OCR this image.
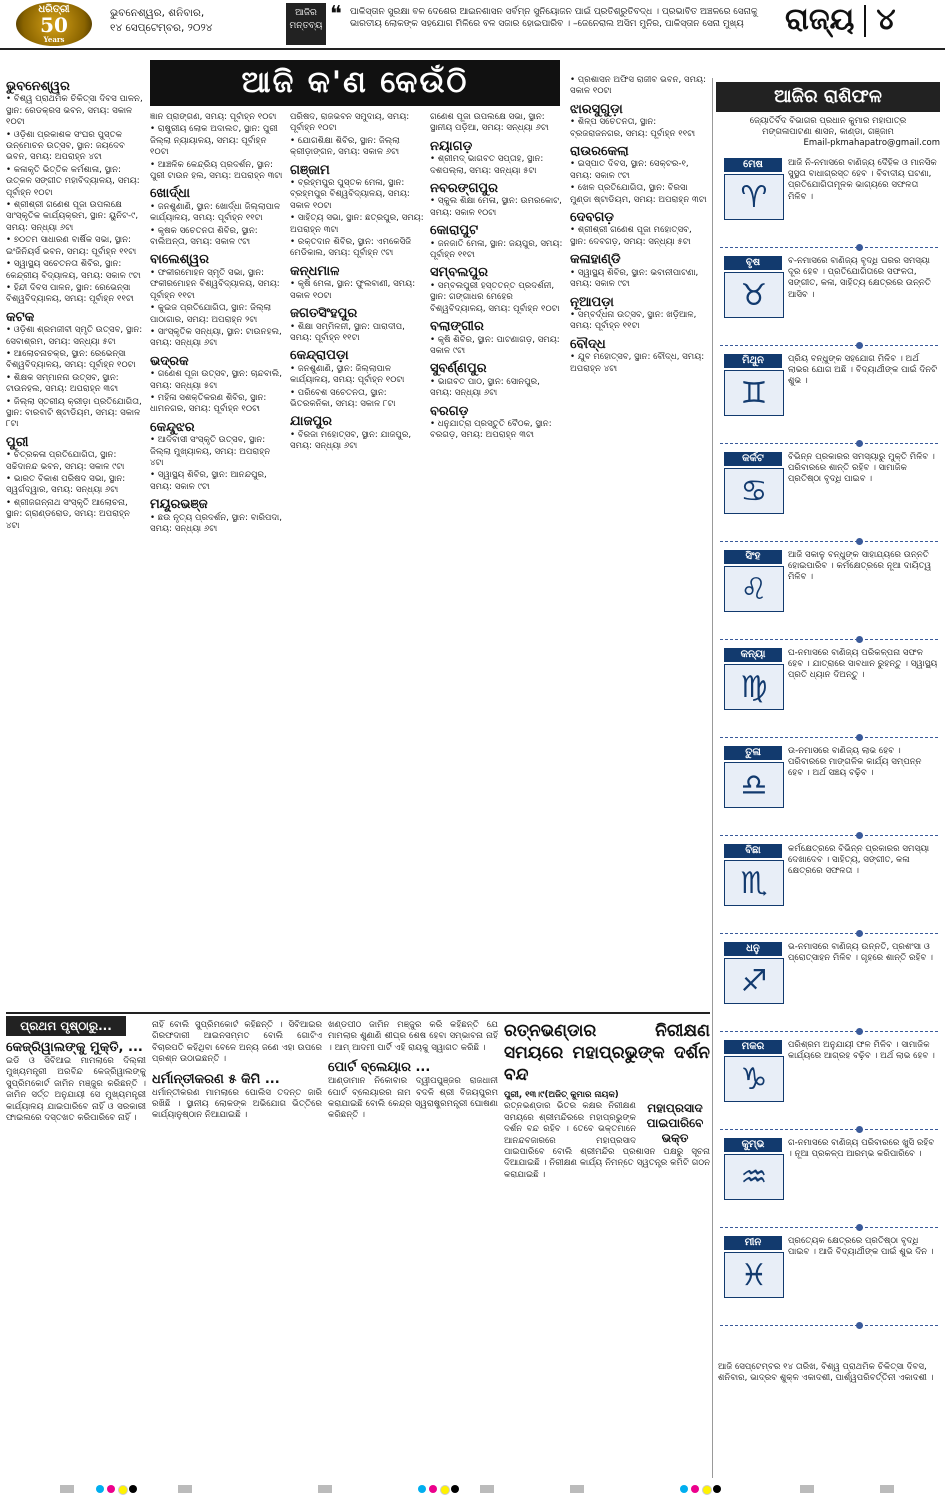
ଧରିତ୍ରୀ
50
Years
ଭୁବନେଶ୍ୱର, ଶନିବାର,
୧୪ ସେପ୍ଟେମ୍ବର, ୨୦୨୪
ଆଜିର
ମନ୍ତବ୍ୟ ❝ ପାକିସ୍ତାନ ସୁରକ୍ଷା ବଳ ଦେଶେର ଆଇନଶାସନ ସର୍ବମ୍ନ ସୁନିୟୋଜନ ପାଇଁ ପ୍ରତିଶ୍ରୁତିବଦ୍ଧ । ପ୍ରଭାବିତ ଅଞ୍ଚଳରେ ସେନାକୁ ଭାରତୀୟ ଲୋକଙ୍କ ସହଯୋଗ ମିଳିରେ ବଳ ସଜାର ହୋଇପାରିବ । –ଜେନେରାଲ ଅସିମ ମୁନିର, ପାକିସ୍ତାନ ସେନା ମୁଖ୍ୟ	ରାଜ୍ୟ ୪
ଆଜି କ'ଣ କେଉଁଠି
ଭୁବନେଶ୍ୱର

• ବିଶ୍ୱ ପ୍ରାଥମିକ ଚିକିତ୍ସା ଦିବସ ପାଳନ, ସ୍ଥାନ: ରେଡକ୍ରସ ଭବନ, ସମୟ: ସକାଳ ୧୦ଟା

• ଓଡ଼ିଶା ପ୍ରକାଶକ ସଂଘର ପୁସ୍ତକ ଉନ୍ମୋଚନ ଉତ୍ସବ, ସ୍ଥାନ: ଜୟଦେବ ଭବନ, ସମୟ: ଅପରାହ୍ନ ୪ଟା

• କଳାକୃତି ଭିତ୍ତିକ କର୍ମଶାଳା, ସ୍ଥାନ: ଉତ୍କଳ ସଙ୍ଗୀତ ମହାବିଦ୍ୟାଳୟ, ସମୟ: ପୂର୍ବାହ୍ନ ୧୦ଟା

• ଶ୍ରୀଶ୍ରୀ ଗଣେଶ ପୂଜା ଉପଲକ୍ଷେ ସାଂସ୍କୃତିକ କାର୍ଯ୍ୟକ୍ରମ, ସ୍ଥାନ: ୟୁନିଟ-୯, ସମୟ: ସନ୍ଧ୍ୟା ୬ଟା

• ୭୦ତମ ସାଧାରଣ ବାର୍ଷିକ ସଭା, ସ୍ଥାନ: ଇଂଜିନିୟର୍ସ ଭବନ, ସମୟ: ପୂର୍ବାହ୍ନ ୧୧ଟା

• ସ୍ୱାସ୍ଥ୍ୟ ସଚେତନତା ଶିବିର, ସ୍ଥାନ: କେନ୍ଦ୍ରୀୟ ବିଦ୍ୟାଳୟ, ସମୟ: ସକାଳ ୯ଟା

• ହିନ୍ଦୀ ଦିବସ ପାଳନ, ସ୍ଥାନ: ରେଭେନ୍ସା ବିଶ୍ୱବିଦ୍ୟାଳୟ, ସମୟ: ପୂର୍ବାହ୍ନ ୧୧ଟା

କଟକ

• ଓଡ଼ିଶା ଶ୍ରମଜୀବୀ ସ୍ମୃତି ଉତ୍ସବ, ସ୍ଥାନ: ସେବାଶ୍ରମ, ସମୟ: ସନ୍ଧ୍ୟା ୫ଟା

• ଆଲୋଚନାଚକ୍ର, ସ୍ଥାନ: ରେଭେନ୍ସା ବିଶ୍ୱବିଦ୍ୟାଳୟ, ସମୟ: ପୂର୍ବାହ୍ନ ୧୦ଟା

• ଶିକ୍ଷକ ସମ୍ମାନନା ଉତ୍ସବ, ସ୍ଥାନ: ଟାଉନହଲ, ସମୟ: ଅପରାହ୍ନ ୩ଟା

• ଜିଲ୍ଲା ସ୍ତରୀୟ କ୍ରୀଡ଼ା ପ୍ରତିଯୋଗିତା, ସ୍ଥାନ: ବାରବାଟି ଷ୍ଟାଡିୟମ, ସମୟ: ସକାଳ ୮ଟା

ପୁରୀ

• ଚିତ୍ରକଳା ପ୍ରତିଯୋଗିତା, ସ୍ଥାନ: ସଚ୍ଚିଦାନନ୍ଦ ଭବନ, ସମୟ: ସକାଳ ୯ଟା

• ଭାରତ ବିକାଶ ପରିଷଦ ସଭା, ସ୍ଥାନ: ସ୍ୱର୍ଗଦ୍ୱାର, ସମୟ: ସନ୍ଧ୍ୟା ୬ଟା

• ଶ୍ରୀଜଗନ୍ନାଥ ସଂସ୍କୃତି ଆଲୋଚନା, ସ୍ଥାନ: ଗ୍ରାଣ୍ଡରୋଡ, ସମୟ: ଅପରାହ୍ନ ୪ଟା

ଜ୍ଞାନ ପ୍ରାଙ୍ଗଣ, ସମୟ: ପୂର୍ବାହ୍ନ ୧୦ଟା

• ରାଷ୍ଟ୍ରୀୟ ଲୋକ ଅଦାଲତ, ସ୍ଥାନ: ପୁରୀ ଜିଲ୍ଲା ନ୍ୟାୟାଳୟ, ସମୟ: ପୂର୍ବାହ୍ନ ୧୦ଟା

• ଆଞ୍ଚଳିକ କେନ୍ଦ୍ରିୟ ପ୍ରଦର୍ଶନ, ସ୍ଥାନ: ପୁରୀ ଟାଉନ ହଲ, ସମୟ: ଅପରାହ୍ନ ୩ଟା

ଖୋର୍ଦ୍ଧା

• ଜନଶୁଣାଣି, ସ୍ଥାନ: ଖୋର୍ଦ୍ଧା ଜିଲ୍ଲାପାଳ କାର୍ଯ୍ୟାଳୟ, ସମୟ: ପୂର୍ବାହ୍ନ ୧୧ଟା

• କୃଷକ ସଚେତନତା ଶିବିର, ସ୍ଥାନ: ବାଲିଅନ୍ତା, ସମୟ: ସକାଳ ୯ଟା

ବାଲେଶ୍ୱର

• ଫକୀରମୋହନ ସ୍ମୃତି ସଭା, ସ୍ଥାନ: ଫକୀରମୋହନ ବିଶ୍ୱବିଦ୍ୟାଳୟ, ସମୟ: ପୂର୍ବାହ୍ନ ୧୧ଟା

• କୁଇଜ ପ୍ରତିଯୋଗିତା, ସ୍ଥାନ: ଜିଲ୍ଲା ପାଠାଗାର, ସମୟ: ଅପରାହ୍ନ ୨ଟା

• ସାଂସ୍କୃତିକ ସନ୍ଧ୍ୟା, ସ୍ଥାନ: ଟାଉନହଲ, ସମୟ: ସନ୍ଧ୍ୟା ୬ଟା

ଭଦ୍ରକ

• ଗଣେଶ ପୂଜା ଉତ୍ସବ, ସ୍ଥାନ: ଚାନ୍ଦବାଲି, ସମୟ: ସନ୍ଧ୍ୟା ୫ଟା

• ମହିଳା ସଶକ୍ତିକରଣ ଶିବିର, ସ୍ଥାନ: ଧାମନଗର, ସମୟ: ପୂର୍ବାହ୍ନ ୧୦ଟା

କେନ୍ଦୁଝର

• ଆଦିବାସୀ ସଂସ୍କୃତି ଉତ୍ସବ, ସ୍ଥାନ: ଜିଲ୍ଲା ମୁଖ୍ୟାଳୟ, ସମୟ: ଅପରାହ୍ନ ୪ଟା

• ସ୍ୱାସ୍ଥ୍ୟ ଶିବିର, ସ୍ଥାନ: ଆନନ୍ଦପୁର, ସମୟ: ସକାଳ ୯ଟା

ମୟୂରଭଞ୍ଜ

• ଛଉ ନୃତ୍ୟ ପ୍ରଦର୍ଶନ, ସ୍ଥାନ: ବାରିପଦା, ସମୟ: ସନ୍ଧ୍ୟା ୬ଟା

ପରିଷଦ, ରାଜଭବନ ସମୁଦାୟ, ସମୟ: ପୂର୍ବାହ୍ନ ୧୦ଟା

• ଯୋଗଶିକ୍ଷା ଶିବିର, ସ୍ଥାନ: ଜିଲ୍ଲା କ୍ରୀଡ଼ାଙ୍ଗନ, ସମୟ: ସକାଳ ୬ଟା

ଗଞ୍ଜାମ

• ବ୍ରହ୍ମପୁର ପୁସ୍ତକ ମେଳା, ସ୍ଥାନ: ବ୍ରହ୍ମପୁର ବିଶ୍ୱବିଦ୍ୟାଳୟ, ସମୟ: ସକାଳ ୧୦ଟା

• ସାହିତ୍ୟ ସଭା, ସ୍ଥାନ: ଛତ୍ରପୁର, ସମୟ: ଅପରାହ୍ନ ୩ଟା

• ରକ୍ତଦାନ ଶିବିର, ସ୍ଥାନ: ଏମକେସିଜି ମେଡିକାଲ, ସମୟ: ପୂର୍ବାହ୍ନ ୯ଟା

କନ୍ଧମାଳ

• କୃଷି ମେଳା, ସ୍ଥାନ: ଫୁଲବାଣୀ, ସମୟ: ସକାଳ ୧୦ଟା

ଜଗତସିଂହପୁର

• ଶିକ୍ଷା ସମ୍ମିଳନୀ, ସ୍ଥାନ: ପାରାଦୀପ, ସମୟ: ପୂର୍ବାହ୍ନ ୧୧ଟା

କେନ୍ଦ୍ରାପଡ଼ା

• ଜନଶୁଣାଣି, ସ୍ଥାନ: ଜିଲ୍ଲାପାଳ କାର୍ଯ୍ୟାଳୟ, ସମୟ: ପୂର୍ବାହ୍ନ ୧୦ଟା

• ପରିବେଶ ସଚେତନତା, ସ୍ଥାନ: ଭିତରକନିକା, ସମୟ: ସକାଳ ୮ଟା

ଯାଜପୁର

• ବିରଜା ମହୋତ୍ସବ, ସ୍ଥାନ: ଯାଜପୁର, ସମୟ: ସନ୍ଧ୍ୟା ୬ଟା

ଗଣେଶ ପୂଜା ଉପଲକ୍ଷେ ସଭା, ସ୍ଥାନ: ସ୍ଥାନୀୟ ପଡ଼ିଆ, ସମୟ: ସନ୍ଧ୍ୟା ୬ଟା

ନୟାଗଡ଼

• ଶ୍ରୀମଦ୍ ଭାଗବତ ସପ୍ତାହ, ସ୍ଥାନ: ଦଶପଲ୍ଲା, ସମୟ: ସନ୍ଧ୍ୟା ୫ଟା

ନବରଙ୍ଗପୁର

• ସ୍କୁଲ ଶିକ୍ଷା ମେଳା, ସ୍ଥାନ: ଉମରକୋଟ, ସମୟ: ସକାଳ ୧୦ଟା

କୋରାପୁଟ

• ଜନଜାତି ମେଳା, ସ୍ଥାନ: ଜୟପୁର, ସମୟ: ପୂର୍ବାହ୍ନ ୧୧ଟା

ସମ୍ବଲପୁର

• ସମ୍ବଲପୁରୀ ହସ୍ତତନ୍ତ ପ୍ରଦର୍ଶନୀ, ସ୍ଥାନ: ଗଙ୍ଗାଧର ମେହେର ବିଶ୍ୱବିଦ୍ୟାଳୟ, ସମୟ: ପୂର୍ବାହ୍ନ ୧୦ଟା

ବଲାଙ୍ଗୀର

• କୃଷି ଶିବିର, ସ୍ଥାନ: ପାଟଣାଗଡ଼, ସମୟ: ସକାଳ ୯ଟା

ସୁବର୍ଣ୍ଣପୁର

• ଭାଗବତ ପାଠ, ସ୍ଥାନ: ସୋନପୁର, ସମୟ: ସନ୍ଧ୍ୟା ୬ଟା

ବରଗଡ଼

• ଧନୁଯାତ୍ରା ପ୍ରସ୍ତୁତି ବୈଠକ, ସ୍ଥାନ: ବରଗଡ଼, ସମୟ: ଅପରାହ୍ନ ୩ଟା

• ପ୍ରଶାସନ ଅଫିସ ରାଜୀବ ଭବନ, ସମୟ: ସକାଳ ୧୦ଟା

ଝାରସୁଗୁଡ଼ା

• ଶିଳ୍ପ ସଚେତନତା, ସ୍ଥାନ: ବ୍ରଜରାଜନଗର, ସମୟ: ପୂର୍ବାହ୍ନ ୧୧ଟା

ରାଉରକେଲା

• ଇସ୍ପାତ ଦିବସ, ସ୍ଥାନ: ସେକ୍ଟର-୧, ସମୟ: ସକାଳ ୯ଟା

• ଖେଳ ପ୍ରତିଯୋଗିତା, ସ୍ଥାନ: ବିରସା ମୁଣ୍ଡା ଷ୍ଟାଡିୟମ, ସମୟ: ଅପରାହ୍ନ ୩ଟା

ଦେବଗଡ଼

• ଶ୍ରୀଶ୍ରୀ ଗଣେଶ ପୂଜା ମହୋତ୍ସବ, ସ୍ଥାନ: ଦେବଗଡ଼, ସମୟ: ସନ୍ଧ୍ୟା ୫ଟା

କଳାହାଣ୍ଡି

• ସ୍ୱାସ୍ଥ୍ୟ ଶିବିର, ସ୍ଥାନ: ଭବାନୀପାଟଣା, ସମୟ: ସକାଳ ୯ଟା

ନୂଆପଡ଼ା

• ସମ୍ବର୍ଦ୍ଧନା ଉତ୍ସବ, ସ୍ଥାନ: ଖଡ଼ିଆଳ, ସମୟ: ପୂର୍ବାହ୍ନ ୧୧ଟା

ବୌଦ୍ଧ

• ଯୁବ ମହୋତ୍ସବ, ସ୍ଥାନ: ବୌଦ୍ଧ, ସମୟ: ଅପରାହ୍ନ ୪ଟା

ଆଜିର ରାଶିଫଳ
ଜ୍ୟୋତିର୍ବିଦ ବିଭାଗର ପ୍ରଧାନ କୁମାର ମହାପାତ୍ର
ମଙ୍ଗଳାପାଟଣା ଶାସନ, କାଣ୍ଡା, ଗଞ୍ଜାମ
Email-pkmahapatro@gmail.com
ମେଷ
♈
ଆଜି ନି-ନମାସରେ ବାଣିଜ୍ୟ ଦୈହିକ ଓ ମାନସିକ ସୁସ୍ଥତା ବାଧାଗ୍ରସ୍ତ ହେବ । ବିବାଦୀୟ ଘଟଣା, ପ୍ରତିଯୋଗିତାମୂଳକ ଭାଗ୍ୟରେ ସଫଳତା ମିଳିବ ।
ବୃଷ
♉
ବ-ନମାସରେ ବାଣିଜ୍ୟ ବୃଦ୍ଧି ଘରର ସମସ୍ୟା ଦୂର ହେବ । ପ୍ରତିଯୋଗିତାରେ ସଫଳତା, ସଙ୍ଗୀତ, କଳା, ସାହିତ୍ୟ କ୍ଷେତ୍ରରେ ଉନ୍ନତି ଆସିବ ।
ମିଥୁନ
♊
ପ୍ରିୟ ବନ୍ଧୁଙ୍କ ସହଯୋଗ ମିଳିବ । ଅର୍ଥ ଲାଭର ଯୋଗ ଅଛି । ବିଦ୍ୟାର୍ଥୀଙ୍କ ପାଇଁ ଦିନଟି ଶୁଭ ।
କର୍କଟ
♋
ବିଭିନ୍ନ ପ୍ରକାରର ସମସ୍ୟାରୁ ମୁକ୍ତି ମିଳିବ । ପରିବାରରେ ଶାନ୍ତି ରହିବ । ସାମାଜିକ ପ୍ରତିଷ୍ଠା ବୃଦ୍ଧି ପାଇବ ।
ସିଂହ
♌
ଆଜି ସକାଳୁ ବନ୍ଧୁଙ୍କ ସାହାଯ୍ୟରେ ଉନ୍ନତି ହୋଇପାରିବ । କର୍ମକ୍ଷେତ୍ରରେ ନୂଆ ଦାୟିତ୍ୱ ମିଳିବ ।
କନ୍ୟା
♍
ଘ-ନମାସରେ ବାଣିଜ୍ୟ ପରିକଳ୍ପନା ସଫଳ ହେବ । ଯାତ୍ରାରେ ସାବଧାନ ରୁହନ୍ତୁ । ସ୍ୱାସ୍ଥ୍ୟ ପ୍ରତି ଧ୍ୟାନ ଦିଅନ୍ତୁ ।
ତୁଳା
♎
ଉ-ନମାସରେ ବାଣିଜ୍ୟ ଲାଭ ହେବ । ପରିବାରରେ ମାଙ୍ଗଳିକ କାର୍ଯ୍ୟ ସମ୍ପନ୍ନ ହେବ । ଅର୍ଥ ସଞ୍ଚୟ ବଢ଼ିବ ।
ବିଛା
♏
କର୍ମକ୍ଷେତ୍ରରେ ବିଭିନ୍ନ ପ୍ରକାରର ସମସ୍ୟା ଦେଖାଦେବ । ସାହିତ୍ୟ, ସଙ୍ଗୀତ, କଳା କ୍ଷେତ୍ରରେ ସଫଳତା ।
ଧନୁ
♐
ଭ-ନମାସରେ ବାଣିଜ୍ୟ ଉନ୍ନତି, ପ୍ରଶଂସା ଓ ପ୍ରୋତ୍ସାହନ ମିଳିବ । ଗୃହରେ ଶାନ୍ତି ରହିବ ।
ମକର
♑
ପରିଶ୍ରମ ଅନୁଯାୟୀ ଫଳ ମିଳିବ । ସାମାଜିକ କାର୍ଯ୍ୟରେ ଆଗ୍ରହ ବଢ଼ିବ । ଅର୍ଥ ଲାଭ ହେବ ।
କୁମ୍ଭ
♒
ଗ-ନମାସରେ ବାଣିଜ୍ୟ ପରିବାରରେ ଖୁସି ରହିବ । ନୂଆ ପ୍ରକଳ୍ପ ଆରମ୍ଭ କରିପାରିବେ ।
ମୀନ
♓
ପ୍ରତ୍ୟେକ କ୍ଷେତ୍ରରେ ପ୍ରତିଷ୍ଠା ବୃଦ୍ଧି ପାଇବ । ଆଜି ବିଦ୍ୟାର୍ଥୀଙ୍କ ପାଇଁ ଶୁଭ ଦିନ ।
ଆଜି ସେପ୍ଟେମ୍ବର ୧୪ ତାରିଖ, ବିଶ୍ୱ ପ୍ରାଥମିକ ଚିକିତ୍ସା ଦିବସ, ଶନିବାର, ଭାଦ୍ରବ ଶୁକ୍ଳ ଏକାଦଶୀ, ପାର୍ଶ୍ୱପରିବର୍ତ୍ତିନୀ ଏକାଦଶୀ ।
ପ୍ରଥମ ପୃଷ୍ଠାରୁ...
କେଜ୍ରିୱାଲଙ୍କୁ ମୁକ୍ତି, ...
ଇଡି ଓ ସିବିଆଇ ମାମଲାରେ ଦିଲ୍ଲୀ ମୁଖ୍ୟମନ୍ତ୍ରୀ ଅରବିନ୍ଦ କେଜ୍ରିୱାଲଙ୍କୁ ସୁପ୍ରିମକୋର୍ଟ ଜାମିନ ମଞ୍ଜୁର କରିଛନ୍ତି । ଜାମିନ ସର୍ତ୍ତ ଅନୁଯାୟୀ ସେ ମୁଖ୍ୟମନ୍ତ୍ରୀ କାର୍ଯ୍ୟାଳୟ ଯାଇପାରିବେ ନାହିଁ ଓ ସରକାରୀ ଫାଇଲରେ ଦସ୍ତଖତ କରିପାରିବେ ନାହିଁ ।
ନାହିଁ ବୋଲି ସୁପ୍ରିମକୋର୍ଟ କହିଛନ୍ତି । ସିବିଆଇର ଗିରଫଦାରୀ ଆଇନସମ୍ମତ ବୋଲି ଗୋଟିଏ ବିଚାରପତି କହିଥିବା ବେଳେ ଅନ୍ୟ ଜଣେ ଏହା ଉପରେ ପ୍ରଶ୍ନ ଉଠାଇଛନ୍ତି ।
ଧର୍ମାନ୍ତୀକରଣ ୫ କିମି ...
ଧର୍ମାନ୍ତୀକରଣ ମାମଲାରେ ପୋଲିସ ତଦନ୍ତ ଜାରି ରଖିଛି । ସ୍ଥାନୀୟ ଲୋକଙ୍କ ଅଭିଯୋଗ ଭିତ୍ତିରେ କାର୍ଯ୍ୟାନୁଷ୍ଠାନ ନିଆଯାଇଛି ।
ଖଣ୍ଡପୀଠ ଜାମିନ ମଞ୍ଜୁର କରି କହିଛନ୍ତି ଯେ ମାମଲାର ଶୁଣାଣି ଶୀଘ୍ର ଶେଷ ହେବା ସମ୍ଭାବନା ନାହିଁ । ଆମ୍ ଆଦମୀ ପାର୍ଟି ଏହି ରାୟକୁ ସ୍ୱାଗତ କରିଛି ।
ପୋର୍ଟ ବ୍ଲେୟାର ...
ଆଣ୍ଡାମାନ ନିକୋବାର ଦ୍ୱୀପପୁଞ୍ଜର ରାଜଧାନୀ ପୋର୍ଟ ବ୍ଲେୟାରର ନାମ ବଦଳି ଶ୍ରୀ ବିଜୟପୁରମ କରାଯାଇଛି ବୋଲି କେନ୍ଦ୍ର ସ୍ୱରାଷ୍ଟ୍ରମନ୍ତ୍ରୀ ଘୋଷଣା କରିଛନ୍ତି ।
ରତ୍ନଭଣ୍ଡାର ନିରୀକ୍ଷଣ ସମୟରେ ମହାପ୍ରଭୁଙ୍କ ଦର୍ଶନ ବନ୍ଦ
ପୁରୀ, ୧୩।୯(ଅଜିତ୍ କୁମାର ନାୟକ)
ମହାପ୍ରସାଦ ପାଇପାରିବେ ଭକ୍ତ
ରତ୍ନଭଣ୍ଡାର ଭିତର କକ୍ଷର ନିରୀକ୍ଷଣ ସମୟରେ ଶ୍ରୀମନ୍ଦିରରେ ମହାପ୍ରଭୁଙ୍କ ଦର୍ଶନ ବନ୍ଦ ରହିବ । ତେବେ ଭକ୍ତମାନେ ଆନନ୍ଦବଜାରରେ ମହାପ୍ରସାଦ ପାଇପାରିବେ ବୋଲି ଶ୍ରୀମନ୍ଦିର ପ୍ରଶାସନ ପକ୍ଷରୁ ସୂଚନା ଦିଆଯାଇଛି । ନିରୀକ୍ଷଣ କାର୍ଯ୍ୟ ନିମନ୍ତେ ସ୍ୱତନ୍ତ୍ର କମିଟି ଗଠନ କରାଯାଇଛି ।
